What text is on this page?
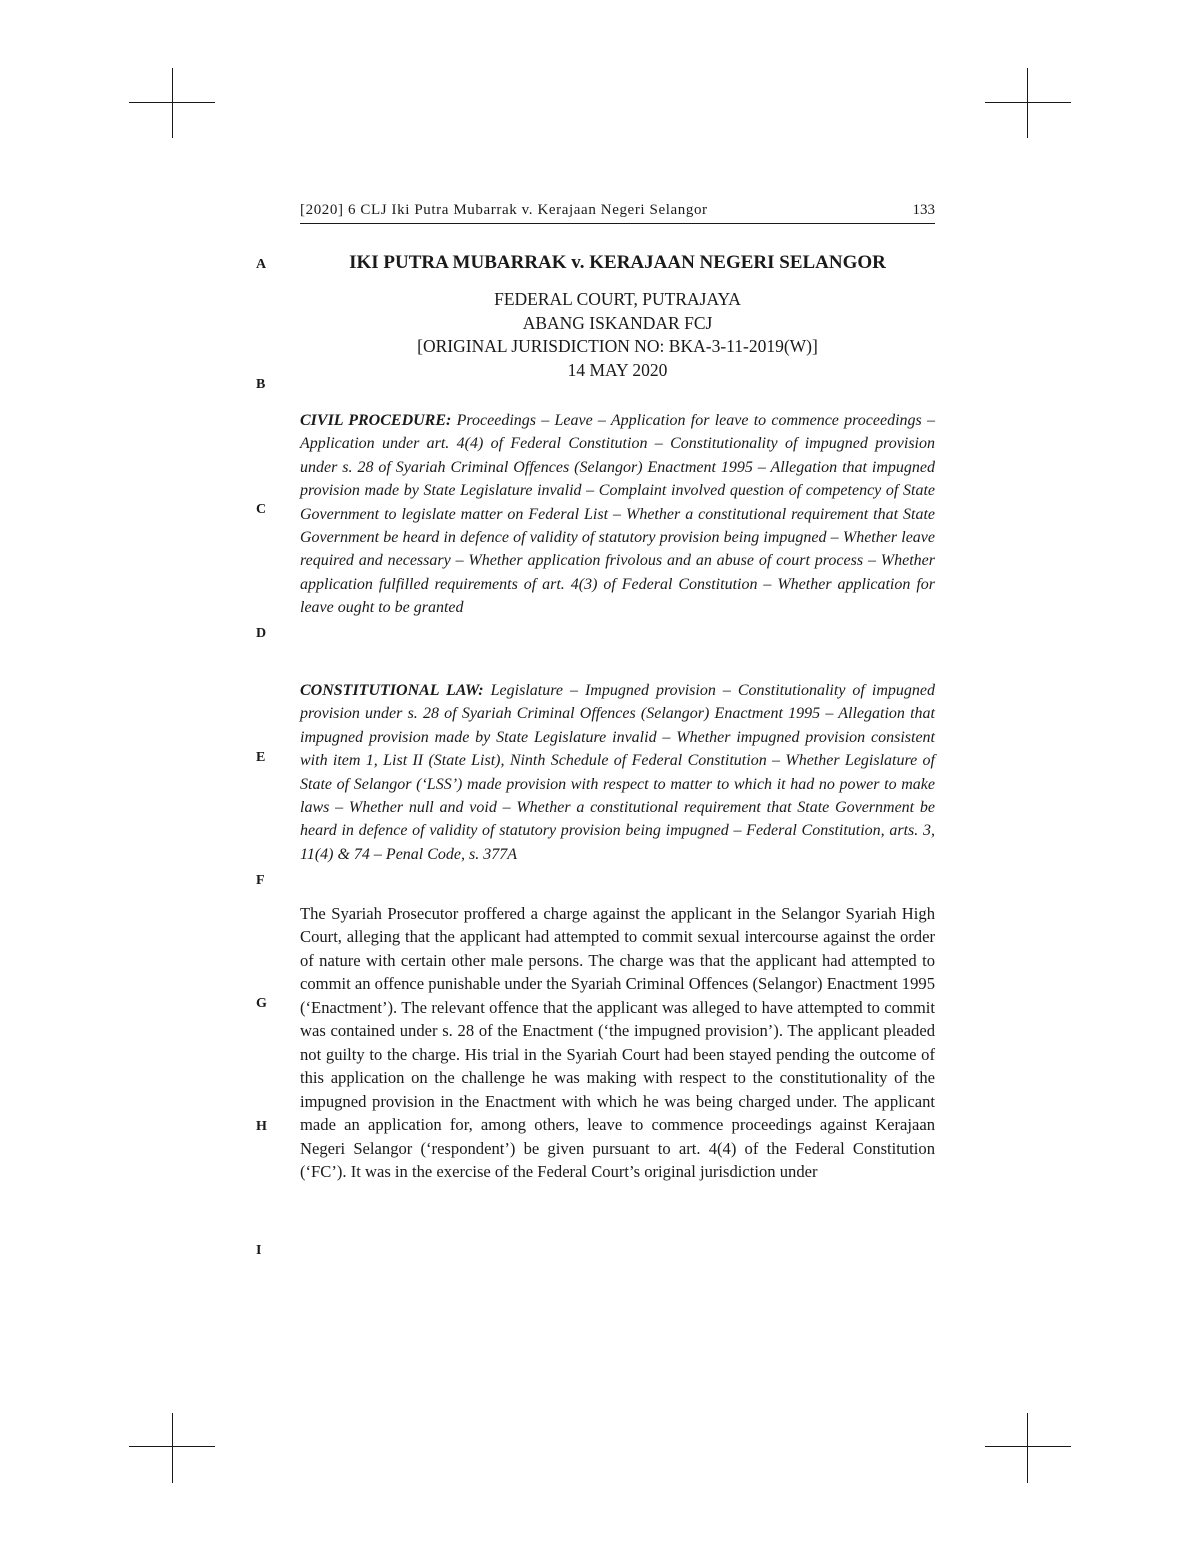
[2020] 6 CLJ Iki Putra Mubarrak v. Kerajaan Negeri Selangor	133
A
B
C
D
E
F
G
H
I
IKI PUTRA MUBARRAK v. KERAJAAN NEGERI SELANGOR
FEDERAL COURT, PUTRAJAYA
ABANG ISKANDAR FCJ
[ORIGINAL JURISDICTION NO: BKA-3-11-2019(W)]
14 MAY 2020

CIVIL PROCEDURE: Proceedings – Leave – Application for leave to commence proceedings – Application under art. 4(4) of Federal Constitution – Constitutionality of impugned provision under s. 28 of Syariah Criminal Offences (Selangor) Enactment 1995 – Allegation that impugned provision made by State Legislature invalid – Complaint involved question of competency of State Government to legislate matter on Federal List – Whether a constitutional requirement that State Government be heard in defence of validity of statutory provision being impugned – Whether leave required and necessary – Whether application frivolous and an abuse of court process – Whether application fulfilled requirements of art. 4(3) of Federal Constitution – Whether application for leave ought to be granted

CONSTITUTIONAL LAW: Legislature – Impugned provision – Constitutionality of impugned provision under s. 28 of Syariah Criminal Offences (Selangor) Enactment 1995 – Allegation that impugned provision made by State Legislature invalid – Whether impugned provision consistent with item 1, List II (State List), Ninth Schedule of Federal Constitution – Whether Legislature of State of Selangor (‘LSS’) made provision with respect to matter to which it had no power to make laws – Whether null and void – Whether a constitutional requirement that State Government be heard in defence of validity of statutory provision being impugned – Federal Constitution, arts. 3, 11(4) & 74 – Penal Code, s. 377A

The Syariah Prosecutor proffered a charge against the applicant in the Selangor Syariah High Court, alleging that the applicant had attempted to commit sexual intercourse against the order of nature with certain other male persons. The charge was that the applicant had attempted to commit an offence punishable under the Syariah Criminal Offences (Selangor) Enactment 1995 (‘Enactment’). The relevant offence that the applicant was alleged to have attempted to commit was contained under s. 28 of the Enactment (‘the impugned provision’). The applicant pleaded not guilty to the charge. His trial in the Syariah Court had been stayed pending the outcome of this application on the challenge he was making with respect to the constitutionality of the impugned provision in the Enactment with which he was being charged under. The applicant made an application for, among others, leave to commence proceedings against Kerajaan Negeri Selangor (‘respondent’) be given pursuant to art. 4(4) of the Federal Constitution (‘FC’). It was in the exercise of the Federal Court’s original jurisdiction under
